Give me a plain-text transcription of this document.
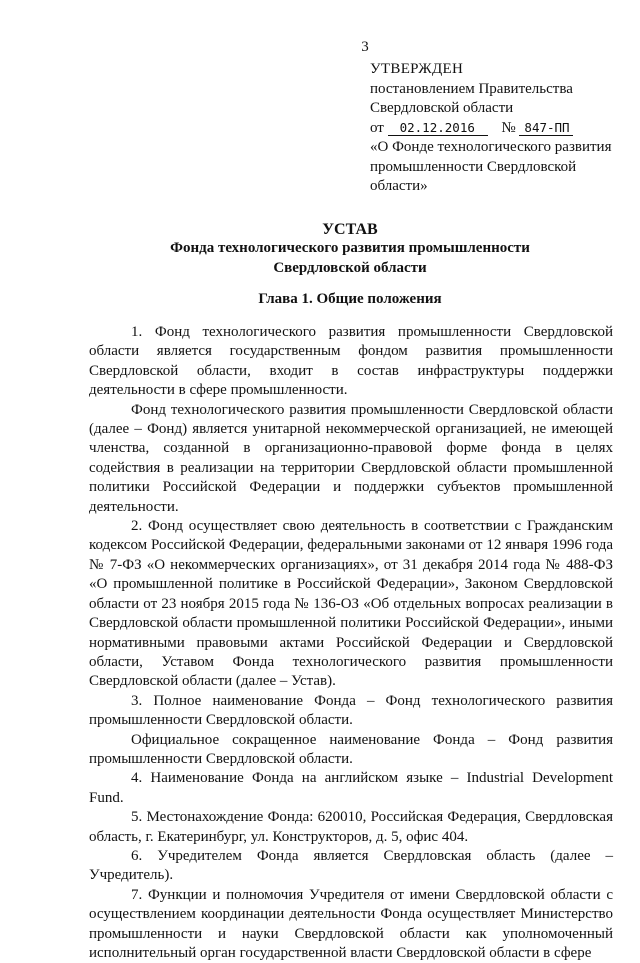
3
УТВЕРЖДЕН
постановлением Правительства
Свердловской области
от 02.12.2016 № 847-ПП
«О Фонде технологического развития
промышленности Свердловской
области»
УСТАВ
Фонда технологического развития промышленности
Свердловской области
Глава 1. Общие положения

1. Фонд технологического развития промышленности Свердловской области является государственным фондом развития промышленности Свердловской области, входит в состав инфраструктуры поддержки деятельности в сфере промышленности.

Фонд технологического развития промышленности Свердловской области (далее – Фонд) является унитарной некоммерческой организацией, не имеющей членства, созданной в организационно-правовой форме фонда в целях содействия в реализации на территории Свердловской области промышленной политики Российской Федерации и поддержки субъектов промышленной деятельности.

2. Фонд осуществляет свою деятельность в соответствии с Гражданским кодексом Российской Федерации, федеральными законами от 12 января 1996 года № 7-ФЗ «О некоммерческих организациях», от 31 декабря 2014 года № 488-ФЗ «О промышленной политике в Российской Федерации», Законом Свердловской области от 23 ноября 2015 года № 136-ОЗ «Об отдельных вопросах реализации в Свердловской области промышленной политики Российской Федерации», иными нормативными правовыми актами Российской Федерации и Свердловской области, Уставом Фонда технологического развития промышленности Свердловской области (далее – Устав).

3. Полное наименование Фонда – Фонд технологического развития промышленности Свердловской области.

Официальное сокращенное наименование Фонда – Фонд развития промышленности Свердловской области.

4. Наименование Фонда на английском языке – Industrial Development Fund.

5. Местонахождение Фонда: 620010, Российская Федерация, Свердловская область, г. Екатеринбург, ул. Конструкторов, д. 5, офис 404.

6. Учредителем Фонда является Свердловская область (далее – Учредитель).

7. Функции и полномочия Учредителя от имени Свердловской области с осуществлением координации деятельности Фонда осуществляет Министерство промышленности и науки Свердловской области как уполномоченный исполнительный орган государственной власти Свердловской области в сфере
